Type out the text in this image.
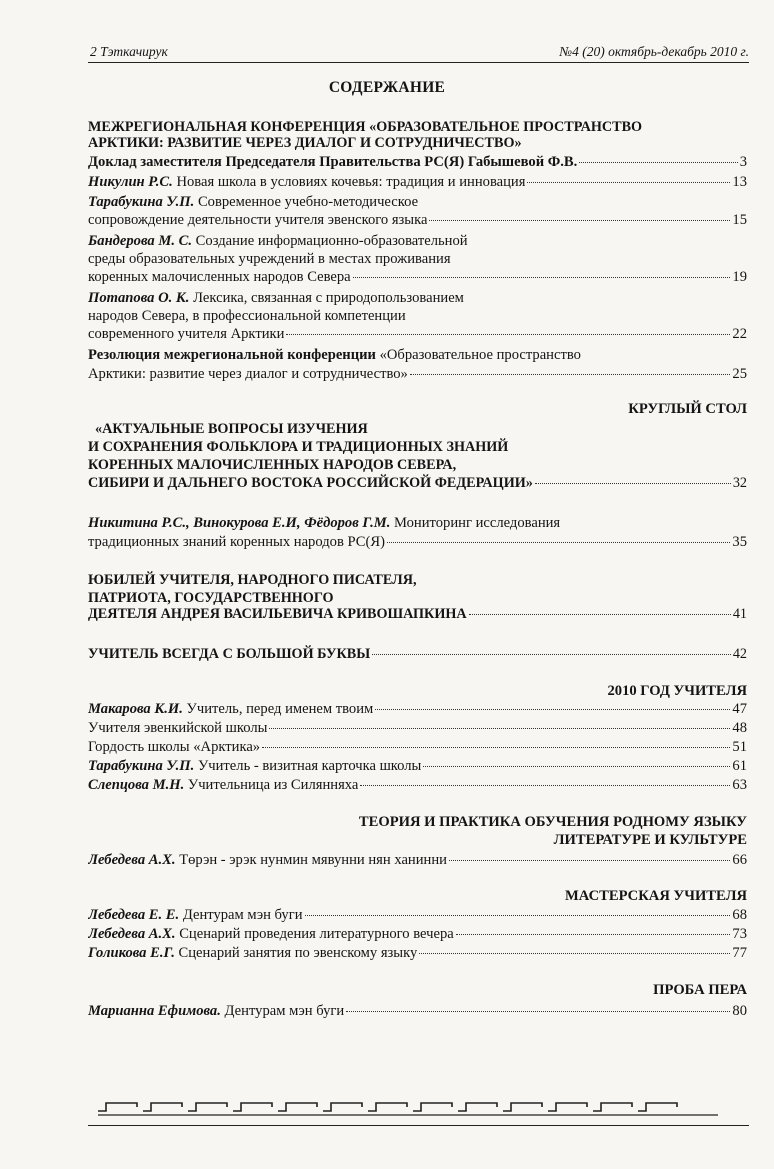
2 Тэткачирук	№4 (20) октябрь-декабрь 2010 г.
СОДЕРЖАНИЕ
МЕЖРЕГИОНАЛЬНАЯ КОНФЕРЕНЦИЯ «ОБРАЗОВАТЕЛЬНОЕ ПРОСТРАНСТВО
АРКТИКИ: РАЗВИТИЕ ЧЕРЕЗ ДИАЛОГ И СОТРУДНИЧЕСТВО»
Доклад заместителя Председателя Правительства РС(Я) Габышевой Ф.В.	3
Никулин Р.С. Новая школа в условиях кочевья: традиция и инновация	13
Тарабукина У.П. Современное учебно-методическое
сопровождение деятельности учителя эвенского языка	15
Бандерова М. С. Создание информационно-образовательной
среды образовательных учреждений в местах проживания
коренных малочисленных народов Севера	19
Потапова О. К. Лексика, связанная с природопользованием
народов Севера, в профессиональной компетенции
современного учителя Арктики	22
Резолюция межрегиональной конференции «Образовательное пространство
Арктики: развитие через диалог и сотрудничество»	25
КРУГЛЫЙ СТОЛ
«АКТУАЛЬНЫЕ ВОПРОСЫ ИЗУЧЕНИЯ
И СОХРАНЕНИЯ ФОЛЬКЛОРА И ТРАДИЦИОННЫХ ЗНАНИЙ
КОРЕННЫХ МАЛОЧИСЛЕННЫХ НАРОДОВ СЕВЕРА,
СИБИРИ И ДАЛЬНЕГО ВОСТОКА РОССИЙСКОЙ ФЕДЕРАЦИИ»	32
Никитина Р.С., Винокурова Е.И, Фёдоров Г.М. Мониторинг исследования
традиционных знаний коренных народов РС(Я)	35
ЮБИЛЕЙ УЧИТЕЛЯ, НАРОДНОГО ПИСАТЕЛЯ,
ПАТРИОТА, ГОСУДАРСТВЕННОГО
ДЕЯТЕЛЯ АНДРЕЯ ВАСИЛЬЕВИЧА КРИВОШАПКИНА	41
УЧИТЕЛЬ ВСЕГДА С БОЛЬШОЙ БУКВЫ	42
2010 ГОД УЧИТЕЛЯ
Макарова К.И. Учитель, перед именем твоим	47
Учителя эвенкийской школы	48
Гордость школы «Арктика»	51
Тарабукина У.П. Учитель - визитная карточка школы	61
Слепцова М.Н. Учительница из Силянняха	63
ТЕОРИЯ И ПРАКТИКА ОБУЧЕНИЯ РОДНОМУ ЯЗЫКУ
ЛИТЕРАТУРЕ И КУЛЬТУРЕ
Лебедева А.Х. Төрэн - эрэк нунмин мявунни нян ханинни	66
МАСТЕРСКАЯ УЧИТЕЛЯ
Лебедева Е. Е. Дентурам мэн буги	68
Лебедева А.Х. Сценарий проведения литературного вечера	73
Голикова Е.Г. Сценарий занятия по эвенскому языку	77
ПРОБА ПЕРА
Марианна Ефимова. Дентурам мэн буги	80
